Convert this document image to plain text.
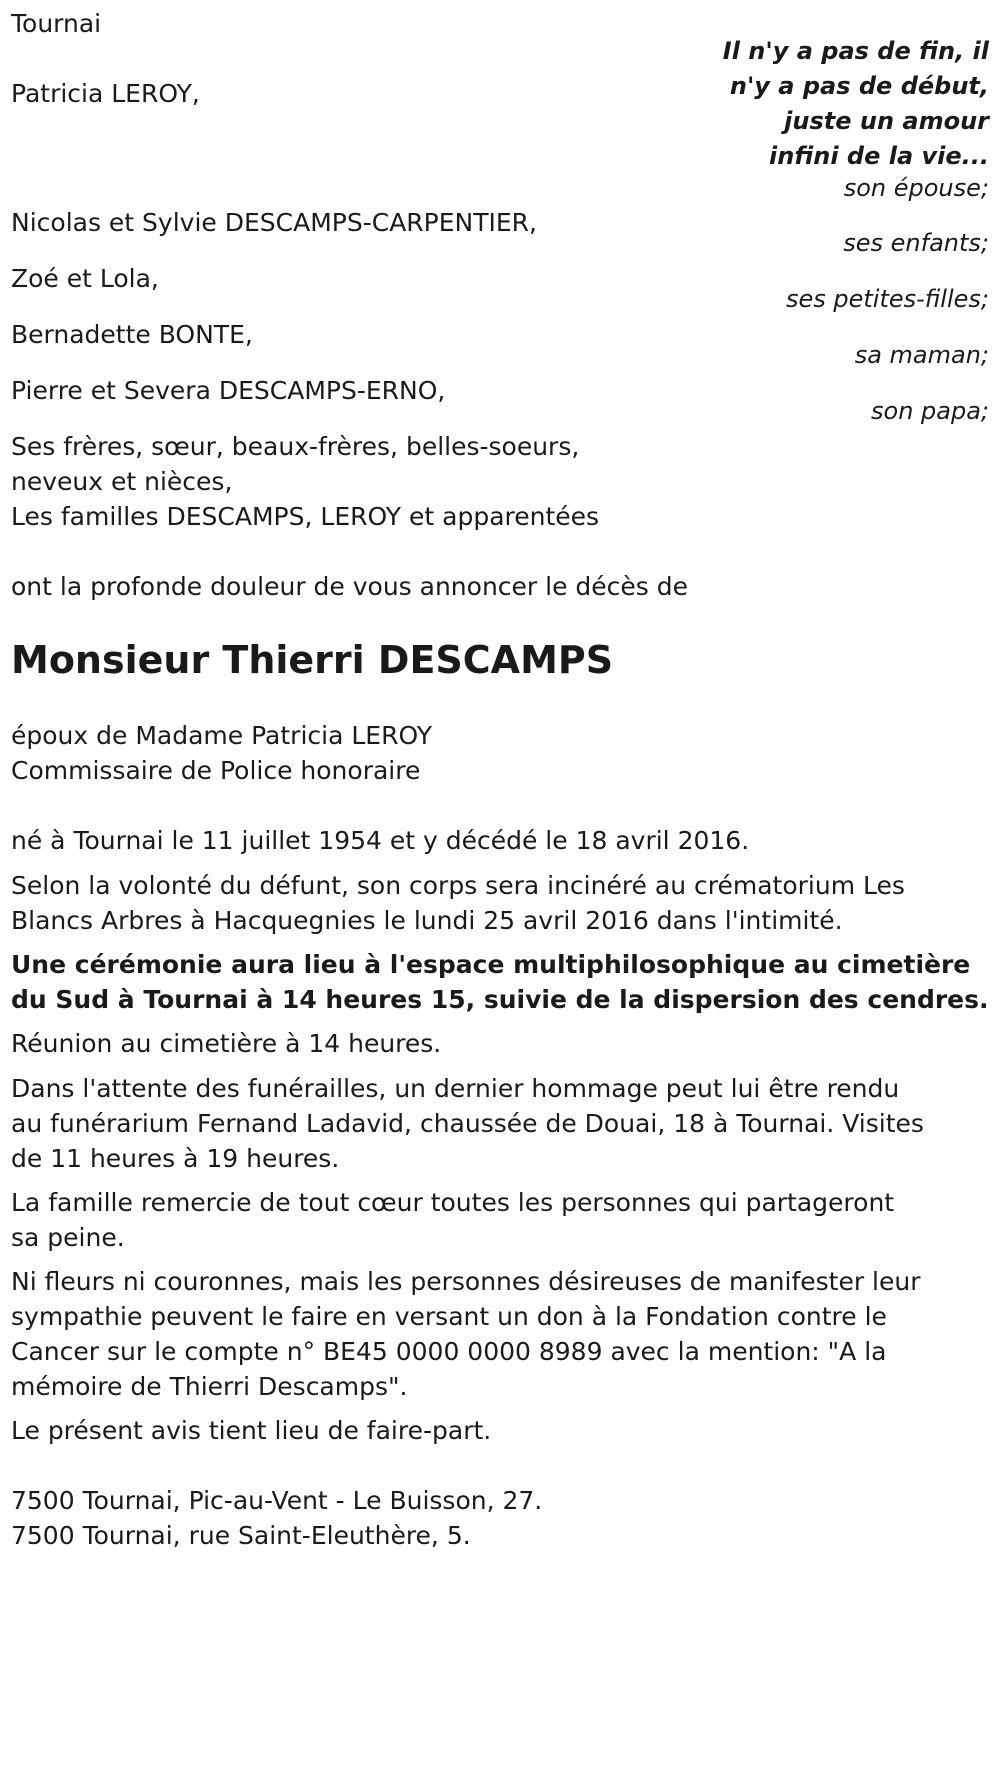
Tournai
Il n'y a pas de fin, il
n'y a pas de début,
juste un amour
infini de la vie...
Patricia LEROY,
son épouse;
Nicolas et Sylvie DESCAMPS-CARPENTIER,
ses enfants;
Zoé et Lola,
ses petites-filles;
Bernadette BONTE,
sa maman;
Pierre et Severa DESCAMPS-ERNO,
son papa;
Ses frères, sœur, beaux-frères, belles-soeurs,
neveux et nièces,
Les familles DESCAMPS, LEROY et apparentées
ont la profonde douleur de vous annoncer le décès de
Monsieur Thierri DESCAMPS
époux de Madame Patricia LEROY
Commissaire de Police honoraire
né à Tournai le 11 juillet 1954 et y décédé le 18 avril 2016.
Selon la volonté du défunt, son corps sera incinéré au crématorium Les
Blancs Arbres à Hacquegnies le lundi 25 avril 2016 dans l'intimité.
Une cérémonie aura lieu à l'espace multiphilosophique au cimetière
du Sud à Tournai à 14 heures 15, suivie de la dispersion des cendres.
Réunion au cimetière à 14 heures.
Dans l'attente des funérailles, un dernier hommage peut lui être rendu
au funérarium Fernand Ladavid, chaussée de Douai, 18 à Tournai. Visites
de 11 heures à 19 heures.
La famille remercie de tout cœur toutes les personnes qui partageront
sa peine.
Ni fleurs ni couronnes, mais les personnes désireuses de manifester leur
sympathie peuvent le faire en versant un don à la Fondation contre le
Cancer sur le compte n° BE45 0000 0000 8989 avec la mention: "A la
mémoire de Thierri Descamps".
Le présent avis tient lieu de faire-part.
7500 Tournai, Pic-au-Vent - Le Buisson, 27.
7500 Tournai, rue Saint-Eleuthère, 5.
